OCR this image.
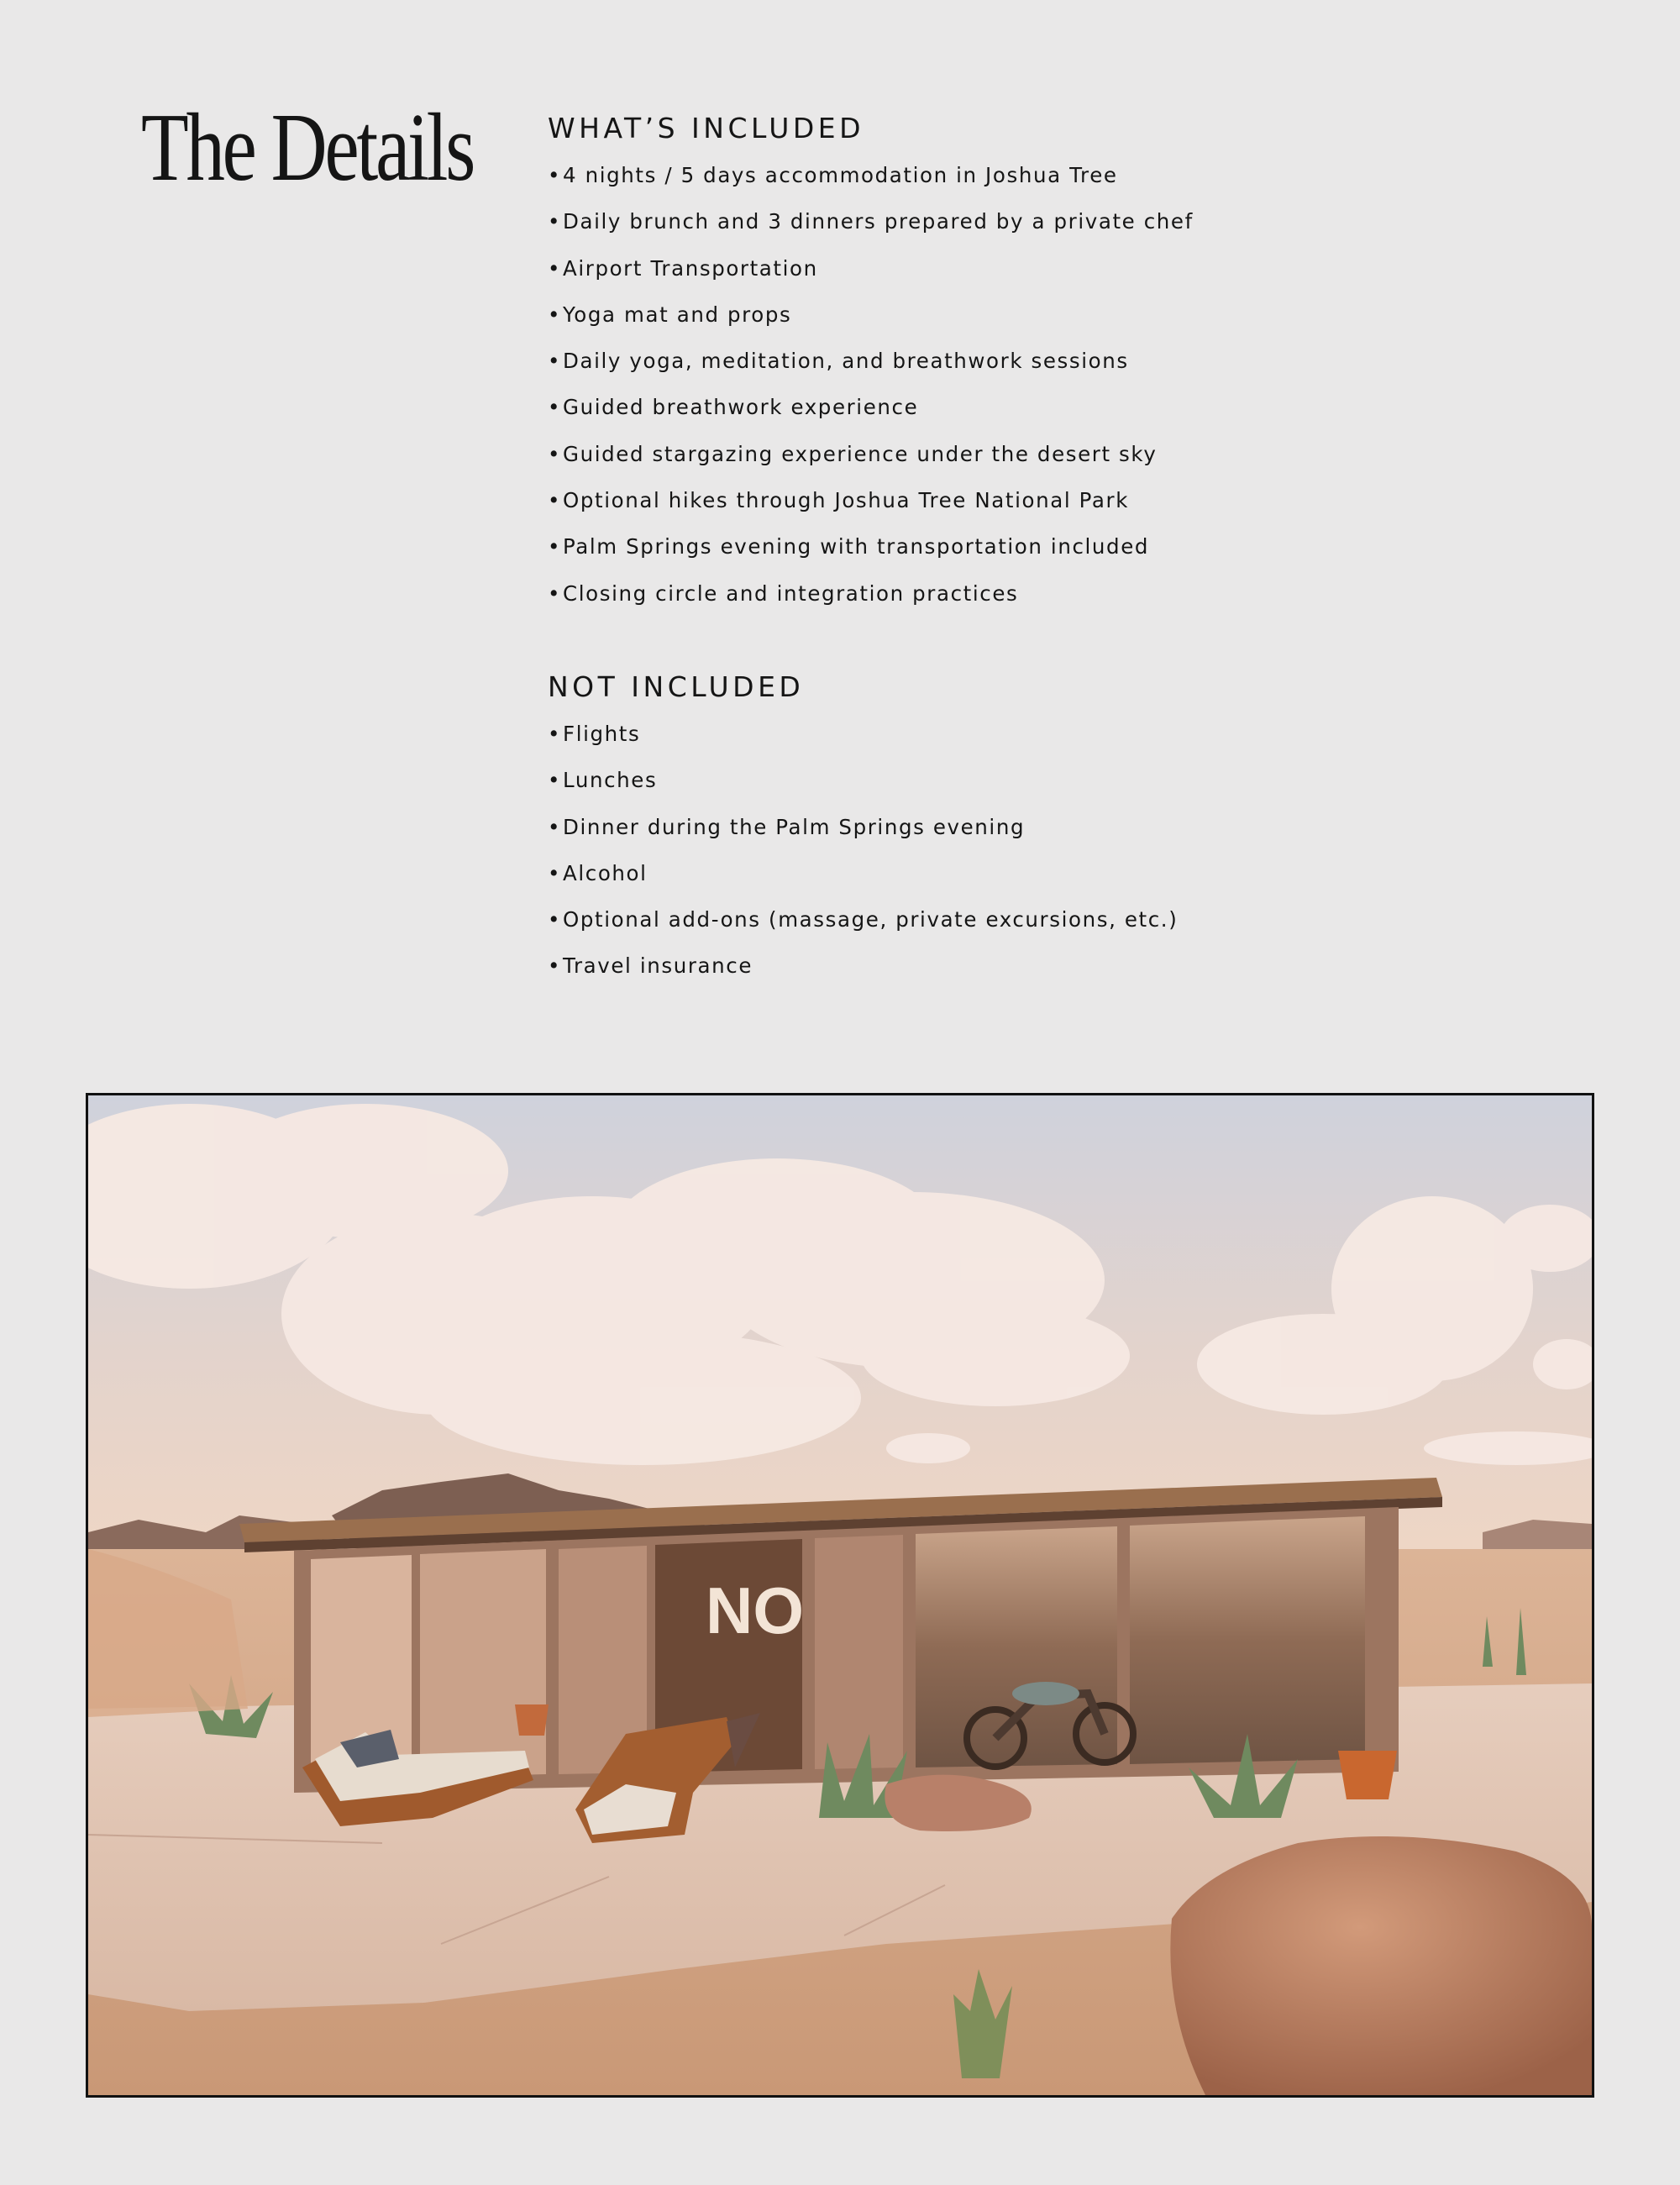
The Details	WHAT’S INCLUDED
•4 nights / 5 days accommodation in Joshua Tree
•Daily brunch and 3 dinners prepared by a private chef
•Airport Transportation
•Yoga mat and props
•Daily yoga, meditation, and breathwork sessions
•Guided breathwork experience
•Guided stargazing experience under the desert sky
•Optional hikes through Joshua Tree National Park
•Palm Springs evening with transportation included
•Closing circle and integration practices
NOT INCLUDED
•Flights
•Lunches
•Dinner during the Palm Springs evening
•Alcohol
•Optional add-ons (massage, private excursions, etc.)
•Travel insurance
NO
